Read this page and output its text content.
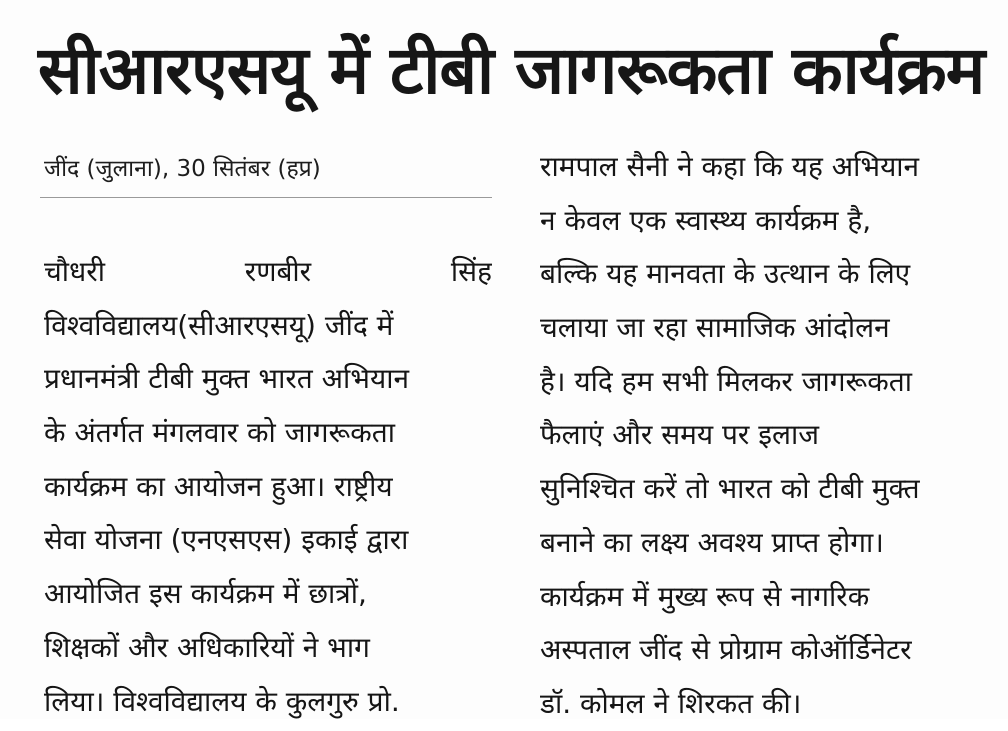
सीआरएसयू में टीबी जागरूकता कार्यक्रम
जींद (जुलाना), 30 सितंबर (हप्र)
चौधरी	रणबीर	सिंह
विश्वविद्यालय(सीआरएसयू) जींद में
प्रधानमंत्री टीबी मुक्त भारत अभियान
के अंतर्गत मंगलवार को जागरूकता
कार्यक्रम का आयोजन हुआ। राष्ट्रीय
सेवा योजना (एनएसएस) इकाई द्वारा
आयोजित इस कार्यक्रम में छात्रों,
शिक्षकों और अधिकारियों ने भाग
लिया। विश्वविद्यालय के कुलगुरु प्रो.
रामपाल सैनी ने कहा कि यह अभियान
न केवल एक स्वास्थ्य कार्यक्रम है,
बल्कि यह मानवता के उत्थान के लिए
चलाया जा रहा सामाजिक आंदोलन
है। यदि हम सभी मिलकर जागरूकता
फैलाएं और समय पर इलाज
सुनिश्चित करें तो भारत को टीबी मुक्त
बनाने का लक्ष्य अवश्य प्राप्त होगा।
कार्यक्रम में मुख्य रूप से नागरिक
अस्पताल जींद से प्रोग्राम कोऑर्डिनेटर
डॉ. कोमल ने शिरकत की।
